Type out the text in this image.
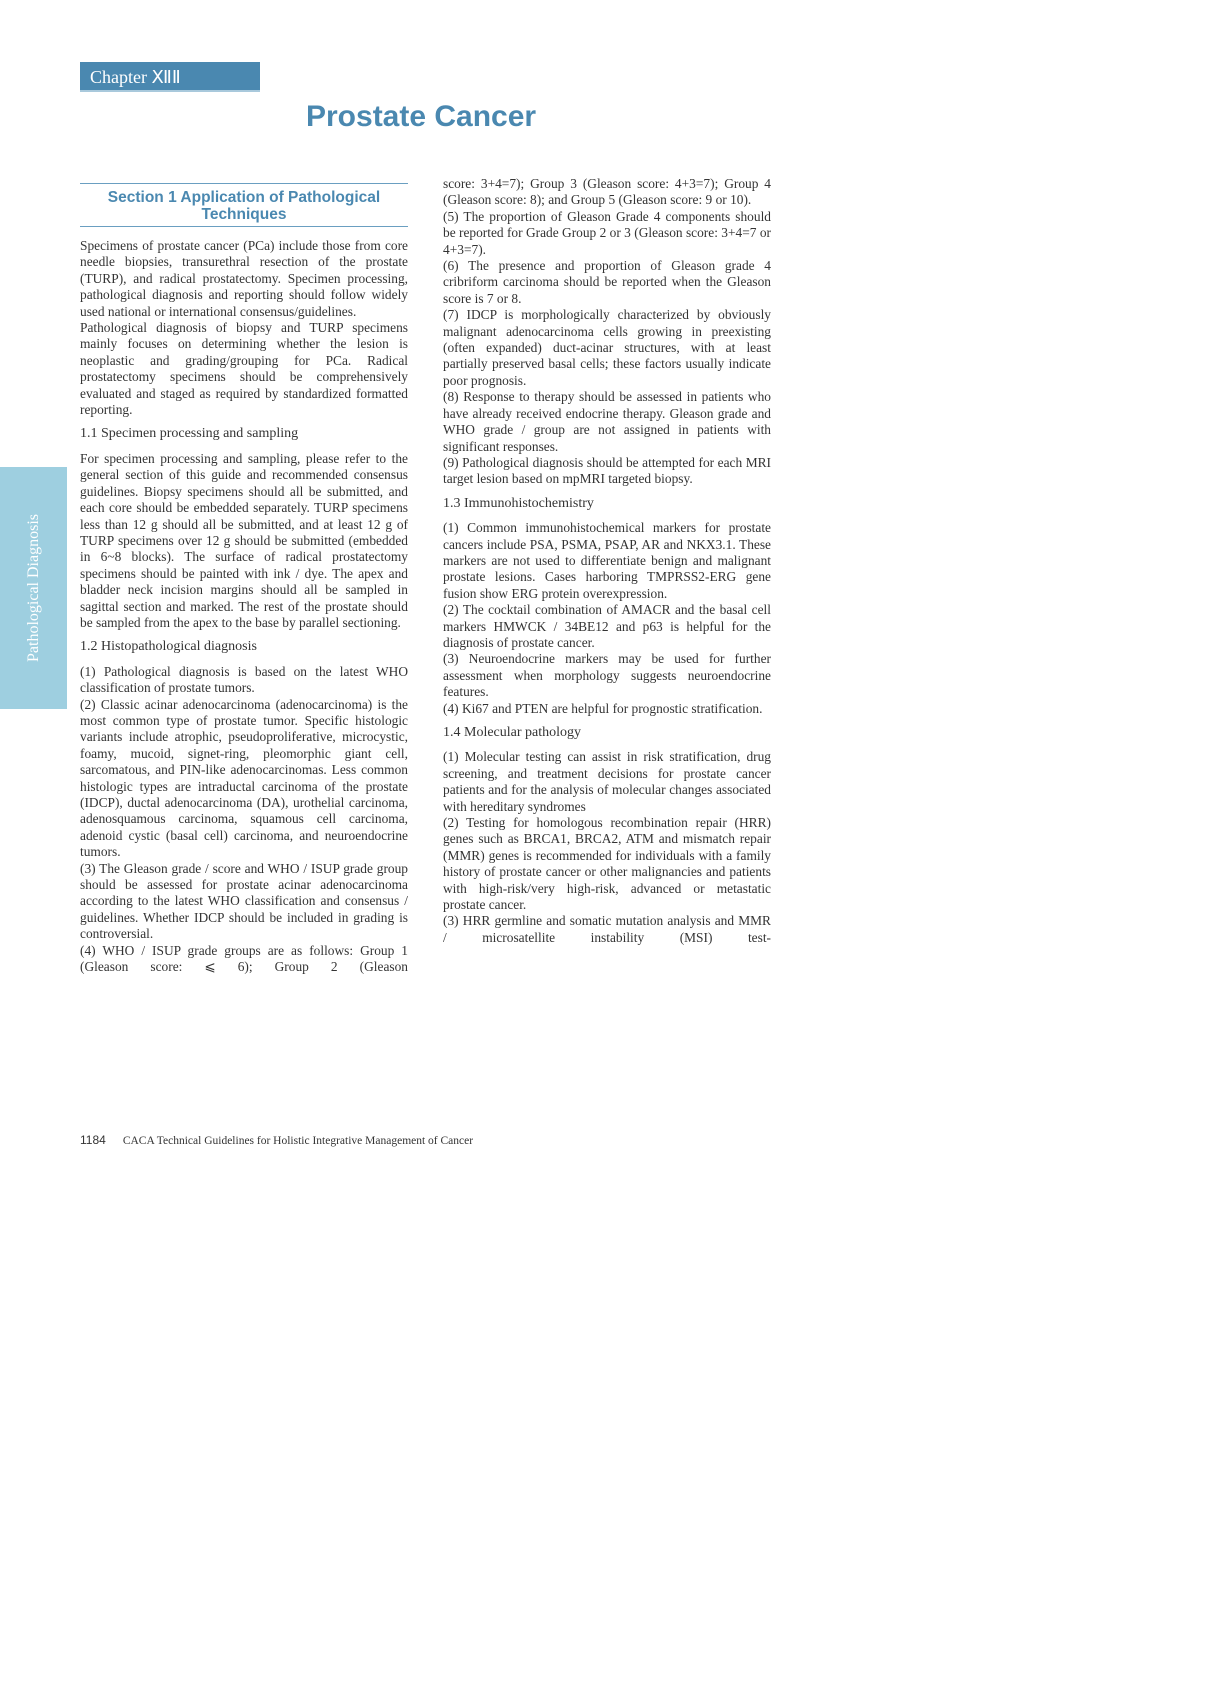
Chapter ⅫⅡ
Prostate Cancer
Pathological Diagnosis
Section 1 Application of Pathological Techniques

Specimens of prostate cancer (PCa) include those from core needle biopsies, transurethral resection of the prostate (TURP), and radical prostatectomy. Specimen processing, pathological diagnosis and reporting should follow widely used national or international consensus/guidelines.

Pathological diagnosis of biopsy and TURP specimens mainly focuses on determining whether the lesion is neoplastic and grading/grouping for PCa. Radical prostatectomy specimens should be comprehensively evaluated and staged as required by standardized formatted reporting.

1.1 Specimen processing and sampling

For specimen processing and sampling, please refer to the general section of this guide and recommended consensus guidelines. Biopsy specimens should all be submitted, and each core should be embedded separately. TURP specimens less than 12 g should all be submitted, and at least 12 g of TURP specimens over 12 g should be submitted (embedded in 6~8 blocks). The surface of radical prostatectomy specimens should be painted with ink / dye. The apex and bladder neck incision margins should all be sampled in sagittal section and marked. The rest of the prostate should be sampled from the apex to the base by parallel sectioning.

1.2 Histopathological diagnosis

(1) Pathological diagnosis is based on the latest WHO classification of prostate tumors.

(2) Classic acinar adenocarcinoma (adenocarcinoma) is the most common type of prostate tumor. Specific histologic variants include atrophic, pseudoproliferative, microcystic, foamy, mucoid, signet-ring, pleomorphic giant cell, sarcomatous, and PIN-like adenocarcinomas. Less common histologic types are intraductal carcinoma of the prostate (IDCP), ductal adenocarcinoma (DA), urothelial carcinoma, adenosquamous carcinoma, squamous cell carcinoma, adenoid cystic (basal cell) carcinoma, and neuroendocrine tumors.

(3) The Gleason grade / score and WHO / ISUP grade group should be assessed for prostate acinar adenocarcinoma according to the latest WHO classification and consensus / guidelines. Whether IDCP should be included in grading is controversial.

(4) WHO / ISUP grade groups are as follows: Group 1 (Gleason score: ⩽ 6); Group 2 (Gleason

score: 3+4=7); Group 3 (Gleason score: 4+3=7); Group 4 (Gleason score: 8); and Group 5 (Gleason score: 9 or 10).

(5) The proportion of Gleason Grade 4 components should be reported for Grade Group 2 or 3 (Gleason score: 3+4=7 or 4+3=7).

(6) The presence and proportion of Gleason grade 4 cribriform carcinoma should be reported when the Gleason score is 7 or 8.

(7) IDCP is morphologically characterized by obviously malignant adenocarcinoma cells growing in preexisting (often expanded) duct-acinar structures, with at least partially preserved basal cells; these factors usually indicate poor prognosis.

(8) Response to therapy should be assessed in patients who have already received endocrine therapy. Gleason grade and WHO grade / group are not assigned in patients with significant responses.

(9) Pathological diagnosis should be attempted for each MRI target lesion based on mpMRI targeted biopsy.

1.3 Immunohistochemistry

(1) Common immunohistochemical markers for prostate cancers include PSA, PSMA, PSAP, AR and NKX3.1. These markers are not used to differentiate benign and malignant prostate lesions. Cases harboring TMPRSS2-ERG gene fusion show ERG protein overexpression.

(2) The cocktail combination of AMACR and the basal cell markers HMWCK / 34BE12 and p63 is helpful for the diagnosis of prostate cancer.

(3) Neuroendocrine markers may be used for further assessment when morphology suggests neuroendocrine features.

(4) Ki67 and PTEN are helpful for prognostic stratification.

1.4 Molecular pathology

(1) Molecular testing can assist in risk stratification, drug screening, and treatment decisions for prostate cancer patients and for the analysis of molecular changes associated with hereditary syndromes

(2) Testing for homologous recombination repair (HRR) genes such as BRCA1, BRCA2, ATM and mismatch repair (MMR) genes is recommended for individuals with a family history of prostate cancer or other malignancies and patients with high-risk/very high-risk, advanced or metastatic prostate cancer.

(3) HRR germline and somatic mutation analysis and MMR / microsatellite instability (MSI) test-

1184 CACA Technical Guidelines for Holistic Integrative Management of Cancer
